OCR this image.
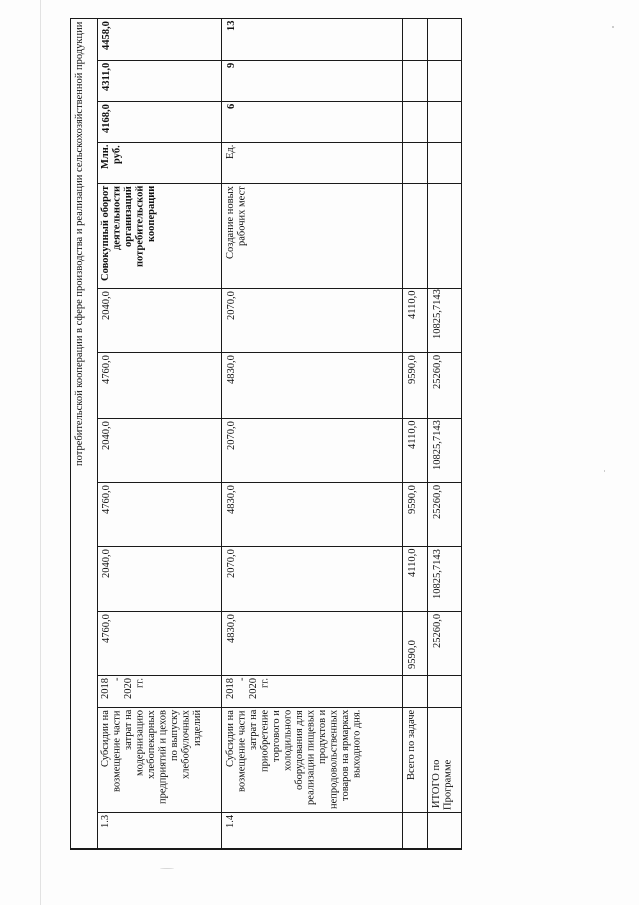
потребительской кооперации в сфере производства и реализации сельскохозяйственной продукции
1.3
Субсидии на возмещение части затрат на модернизацию хлебопекарных предприятий и цехов по выпуску хлебобулочных изделий
2018 -
2020 гг.
4760,0
2040,0
4760,0
2040,0
4760,0
2040,0
Совокупный оборот деятельности организаций потребительской кооперации
Млн.
руб.
4168,0
4311,0
4458,0
1.4
Субсидии на возмещение части затрат на приобретение торгового и холодильного оборудования для реализации пищевых продуктов и непродовольственных товаров на ярмарках выходного дня.
2018 -
2020 гг.
4830,0
2070,0
4830,0
2070,0
4830,0
2070,0
Создание новых рабочих мест
Ед.
6
9
13
Всего по задаче
9590,0
4110,0
9590,0
4110,0
9590,0
4110,0
ИТОГО по Программе
25260,0
10825,7143
25260,0
10825,7143
25260,0
10825,7143
